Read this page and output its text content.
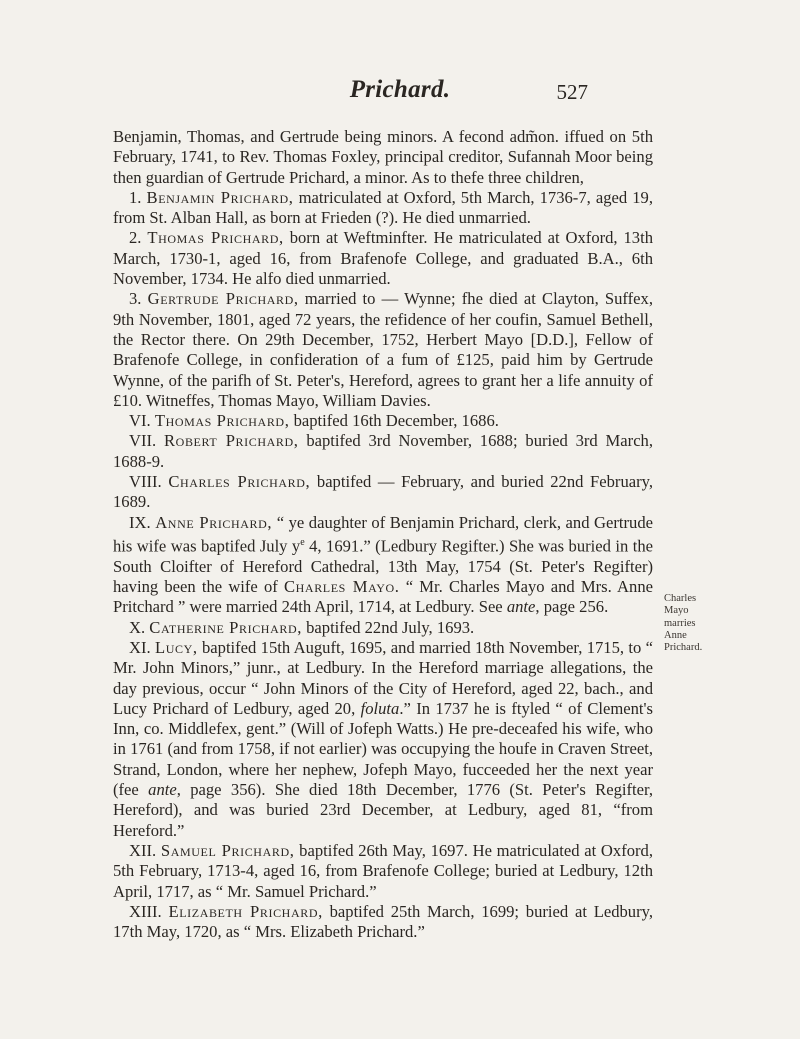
Prichard.	527

Benjamin, Thomas, and Gertrude being minors. A fecond adm̃on. iffued on 5th February, 1741, to Rev. Thomas Foxley, principal creditor, Sufannah Moor being then guardian of Gertrude Prichard, a minor. As to thefe three children,

1. Benjamin Prichard, matriculated at Oxford, 5th March, 1736-7, aged 19, from St. Alban Hall, as born at Frieden (?). He died unmarried.

2. Thomas Prichard, born at Weftminfter. He matriculated at Oxford, 13th March, 1730-1, aged 16, from Brafenofe College, and graduated B.A., 6th November, 1734. He alfo died unmarried.

3. Gertrude Prichard, married to — Wynne; fhe died at Clayton, Suffex, 9th November, 1801, aged 72 years, the refidence of her coufin, Samuel Bethell, the Rector there. On 29th December, 1752, Herbert Mayo [D.D.], Fellow of Brafenofe College, in confideration of a fum of £125, paid him by Gertrude Wynne, of the parifh of St. Peter's, Hereford, agrees to grant her a life annuity of £10. Witneffes, Thomas Mayo, William Davies.

VI. Thomas Prichard, baptifed 16th December, 1686.

VII. Robert Prichard, baptifed 3rd November, 1688; buried 3rd March, 1688-9.

VIII. Charles Prichard, baptifed — February, and buried 22nd February, 1689.

IX. Anne Prichard, “ ye daughter of Benjamin Prichard, clerk, and Gertrude his wife was baptifed July $y^e$ 4, 1691.” (Ledbury Regifter.) She was buried in the South Cloifter of Hereford Cathedral, 13th May, 1754 (St. Peter's Regifter) having been the wife of Charles Mayo. “ Mr. Charles Mayo and Mrs. Anne Pritchard ” were married 24th April, 1714, at Ledbury. See ante, page 256.

X. Catherine Prichard, baptifed 22nd July, 1693.

XI. Lucy, baptifed 15th Auguft, 1695, and married 18th November, 1715, to “ Mr. John Minors,” junr., at Ledbury. In the Hereford marriage allegations, the day previous, occur “ John Minors of the City of Hereford, aged 22, bach., and Lucy Prichard of Ledbury, aged 20, foluta.” In 1737 he is ftyled “ of Clement's Inn, co. Middlefex, gent.” (Will of Jofeph Watts.) He pre-deceafed his wife, who in 1761 (and from 1758, if not earlier) was occupying the houfe in Craven Street, Strand, London, where her nephew, Jofeph Mayo, fucceeded her the next year (fee ante, page 356). She died 18th December, 1776 (St. Peter's Regifter, Hereford), and was buried 23rd December, at Ledbury, aged 81, “from Hereford.”

XII. Samuel Prichard, baptifed 26th May, 1697. He matriculated at Oxford, 5th February, 1713-4, aged 16, from Brafenofe College; buried at Ledbury, 12th April, 1717, as “ Mr. Samuel Prichard.”

XIII. Elizabeth Prichard, baptifed 25th March, 1699; buried at Ledbury, 17th May, 1720, as “ Mrs. Elizabeth Prichard.”

Charles
Mayo
marries
Anne
Prichard.
